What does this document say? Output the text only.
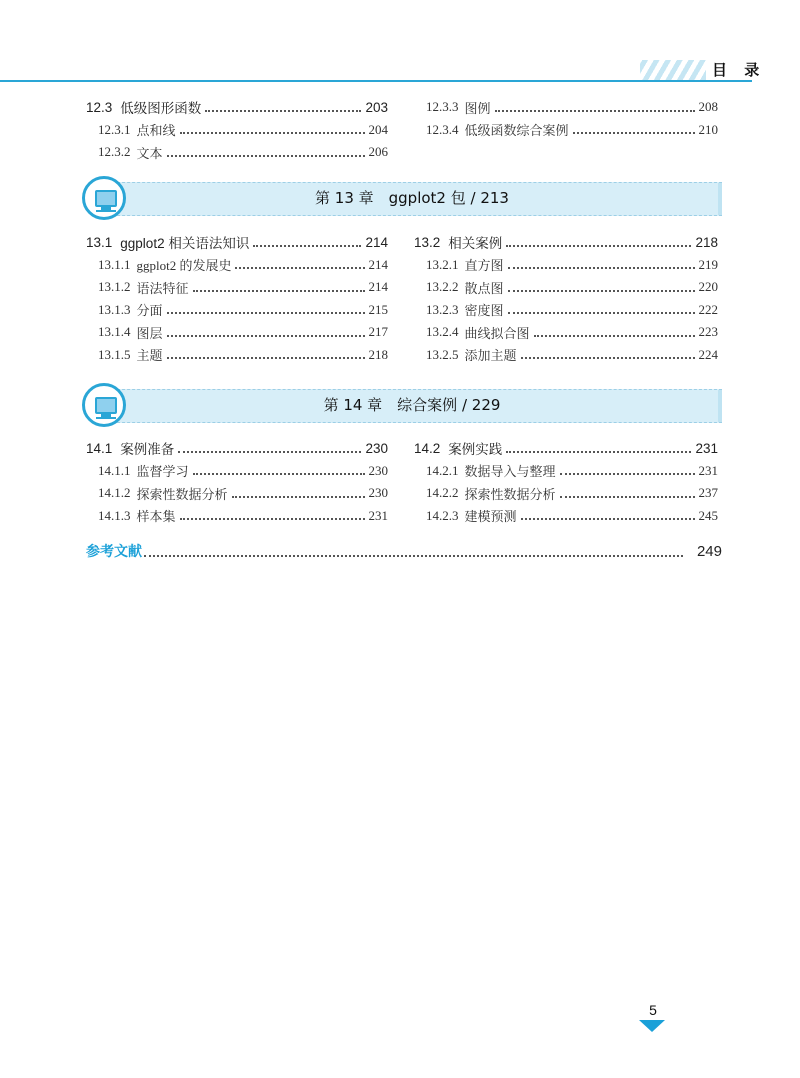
目 录
12.3 低级图形函数	203
12.3.1 点和线	204
12.3.2 文本	206
12.3.3 图例	208
12.3.4 低级函数综合案例	210
第 13 章　ggplot2 包 / 213
13.1 ggplot2 相关语法知识	214
13.1.1 ggplot2 的发展史	214
13.1.2 语法特征	214
13.1.3 分面	215
13.1.4 图层	217
13.1.5 主题	218
13.2 相关案例	218
13.2.1 直方图	219
13.2.2 散点图	220
13.2.3 密度图	222
13.2.4 曲线拟合图	223
13.2.5 添加主题	224
第 14 章　综合案例 / 229
14.1 案例准备	230
14.1.1 监督学习	230
14.1.2 探索性数据分析	230
14.1.3 样本集	231
14.2 案例实践	231
14.2.1 数据导入与整理	231
14.2.2 探索性数据分析	237
14.2.3 建模预测	245
参考文献	249
5
